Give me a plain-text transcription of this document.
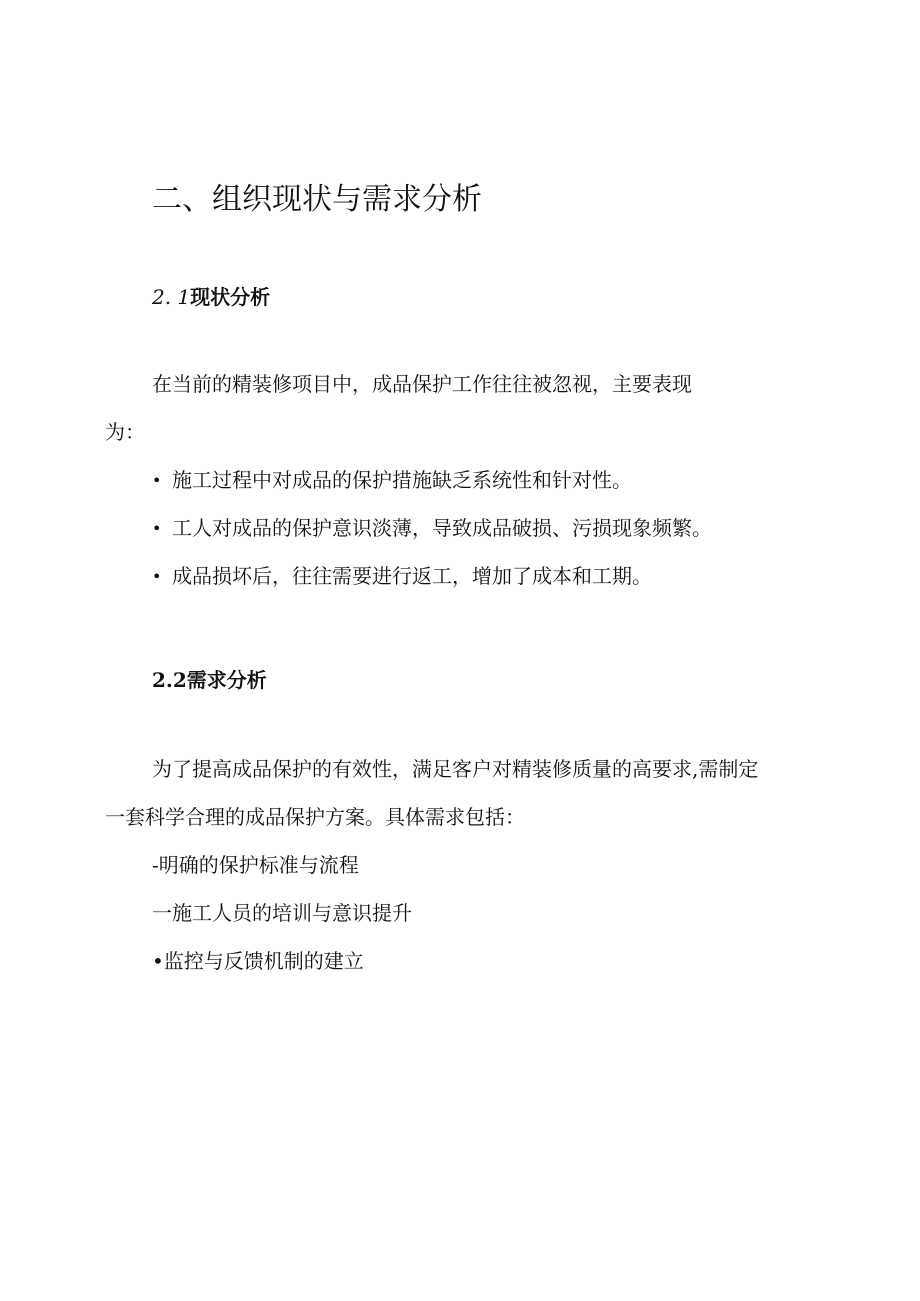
二、组织现状与需求分析
2. 1现状分析

在当前的精装修项目中，成品保护工作往往被忽视，主要表现

为：

• 施工过程中对成品的保护措施缺乏系统性和针对性。
• 工人对成品的保护意识淡薄，导致成品破损、污损现象频繁。
• 成品损坏后，往往需要进行返工，增加了成本和工期。
2.2需求分析

为了提高成品保护的有效性，满足客户对精装修质量的高要求,需制定

一套科学合理的成品保护方案。具体需求包括：

-明确的保护标准与流程

一施工人员的培训与意识提升

•监控与反馈机制的建立
